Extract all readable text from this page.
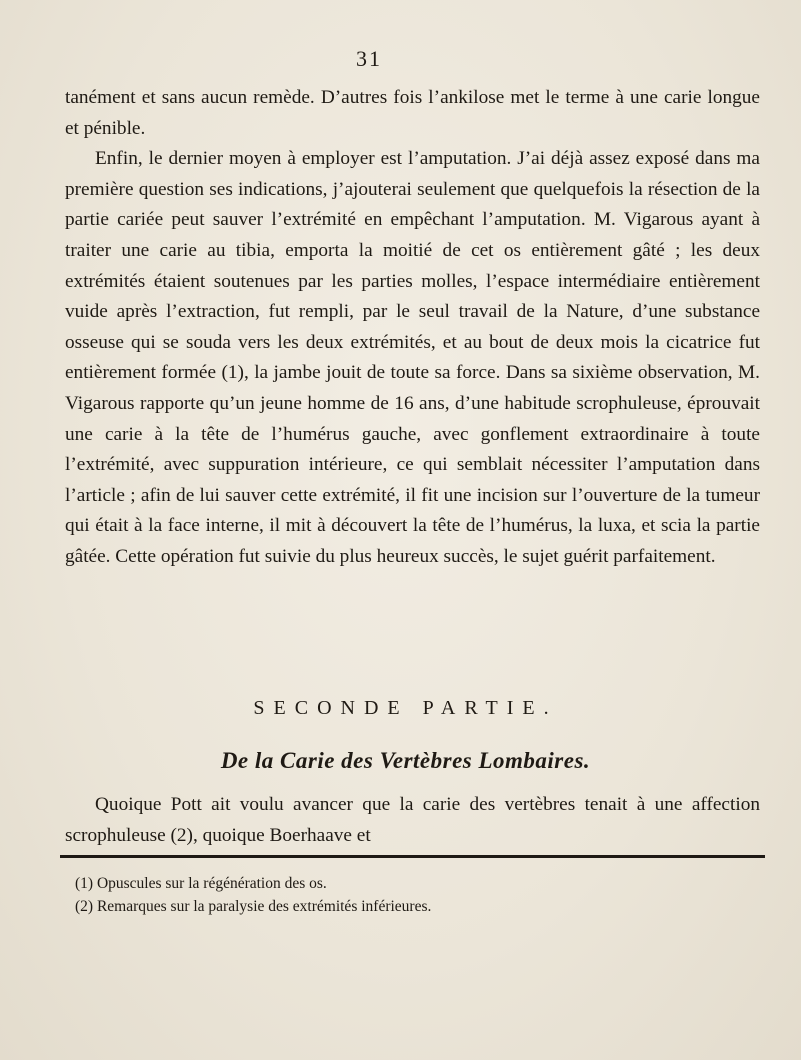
31

tanément et sans aucun remède. D’autres fois l’ankilose met le terme à une carie longue et pénible.

Enfin, le dernier moyen à employer est l’amputation. J’ai déjà assez exposé dans ma première question ses indications, j’ajouterai seulement que quelquefois la résection de la partie cariée peut sauver l’extrémité en empêchant l’amputation. M. Vigarous ayant à traiter une carie au tibia, emporta la moitié de cet os entièrement gâté ; les deux extrémités étaient soutenues par les parties molles, l’espace intermédiaire entièrement vuide après l’extraction, fut rempli, par le seul travail de la Nature, d’une substance osseuse qui se souda vers les deux extrémités, et au bout de deux mois la cicatrice fut entièrement formée (1), la jambe jouit de toute sa force. Dans sa sixième observation, M. Vigarous rapporte qu’un jeune homme de 16 ans, d’une habitude scrophuleuse, éprouvait une carie à la tête de l’humérus gauche, avec gonflement extraordinaire à toute l’extrémité, avec suppuration intérieure, ce qui semblait nécessiter l’amputation dans l’article ; afin de lui sauver cette extrémité, il fit une incision sur l’ouverture de la tumeur qui était à la face interne, il mit à découvert la tête de l’humérus, la luxa, et scia la partie gâtée. Cette opération fut suivie du plus heureux succès, le sujet guérit parfaitement.

SECONDE PARTIE.
De la Carie des Vertèbres Lombaires.

Quoique Pott ait voulu avancer que la carie des vertèbres tenait à une affection scrophuleuse (2), quoique Boerhaave et

(1) Opuscules sur la régénération des os.
(2) Remarques sur la paralysie des extrémités inférieures.
